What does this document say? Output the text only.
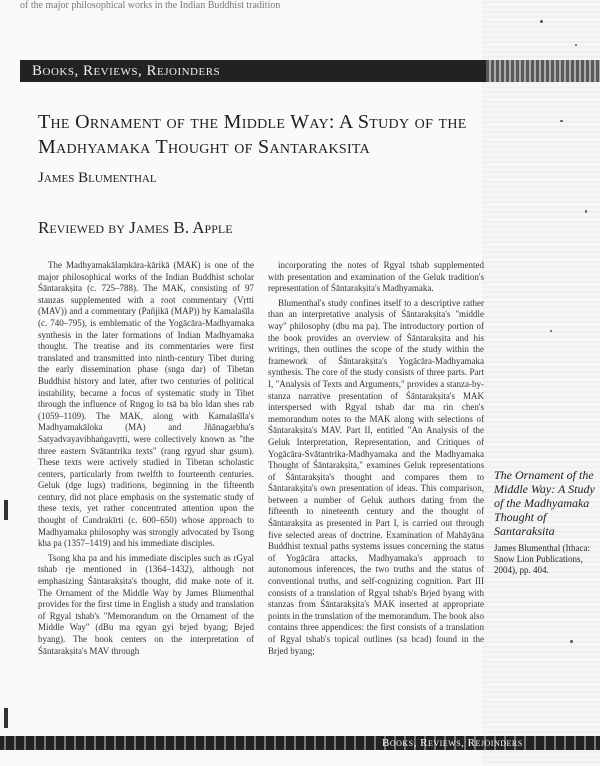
of the major philosophical works in the Indian Buddhist tradition
Books, Reviews, Rejoinders
The Ornament of the Middle Way: A Study of the Madhyamaka Thought of Santaraksita
James Blumenthal
Reviewed by James B. Apple

The Madhyamakālaṃkāra-kārikā (MAK) is one of the major philosophical works of the Indian Buddhist scholar Śāntarakṣita (c. 725–788). The MAK, consisting of 97 stanzas supplemented with a root commentary (Vṛtti (MAV)) and a commentary (Pañjikā (MAP)) by Kamalaśīla (c. 740–795), is emblematic of the Yogācāra-Madhyamaka synthesis in the later formations of Indian Madhyamaka thought. The treatise and its commentaries were first translated and transmitted into ninth-century Tibet during the early dissemination phase (snga dar) of Tibetan Buddhist history and later, after two centuries of political instability, became a focus of systematic study in Tibet through the influence of Rngog lo tsā ba blo ldan shes rab (1059–1109). The MAK, along with Kamalaśīla's Madhyamakāloka (MA) and Jñānagarbha's Satyadvayavibhaṅgavṛtti, were collectively known as "the three eastern Svātantrika texts" (rang rgyud shar gsum). These texts were actively studied in Tibetan scholastic centers, particularly from twelfth to fourteenth centuries. Geluk (dge lugs) traditions, beginning in the fifteenth century, did not place emphasis on the systematic study of these texts, yet rather concentrated attention upon the thought of Candrakīrti (c. 600–650) whose approach to Madhyamaka philosophy was strongly advocated by Tsong kha pa (1357–1419) and his immediate disciples.

Tsong kha pa and his immediate disciples such as rGyal tshab rje mentioned in (1364–1432), although not emphasizing Śāntarakṣita's thought, did make note of it. The Ornament of the Middle Way by James Blumenthal provides for the first time in English a study and translation of Rgyal tshab's "Memorandum on the Ornament of the Middle Way" (dBu ma rgyan gyi brjed byang; Brjed byang). The book centers on the interpretation of Śāntarakṣita's MAV through

incorporating the notes of Rgyal tshab supplemented with presentation and examination of the Geluk tradition's representation of Śāntarakṣita's Madhyamaka.

Blumenthal's study confines itself to a descriptive rather than an interpretative analysis of Śāntarakṣita's "middle way" philosophy (dbu ma pa). The introductory portion of the book provides an overview of Śāntarakṣita and his writings, then outlines the scope of the study within the framework of Śāntarakṣita's Yogācāra-Madhyamaka synthesis. The core of the study consists of three parts. Part I, "Analysis of Texts and Arguments," provides a stanza-by-stanza narrative presentation of Śāntarakṣita's MAK interspersed with Rgyal tshab dar ma rin chen's memorandum notes to the MAK along with selections of Śāntarakṣita's MAV. Part II, entitled "An Analysis of the Geluk Interpretation, Representation, and Critiques of Yogācāra-Svātantrika-Madhyamaka and the Madhyamaka Thought of Śāntarakṣita," examines Geluk representations of Śāntarakṣita's thought and compares them to Śāntarakṣita's own presentation of ideas. This comparison, between a number of Geluk authors dating from the fifteenth to nineteenth century and the thought of Śāntarakṣita as presented in Part I, is carried out through five selected areas of doctrine. Examination of Mahāyāna Buddhist textual paths systems issues concerning the status of Yogācāra attacks, Madhyamaka's approach to autonomous inferences, the two truths and the status of conventional truths, and self-cognizing cognition. Part III consists of a translation of Rgyal tshab's Brjed byang with stanzas from Śāntarakṣita's MAK inserted at appropriate points in the translation of the memorandum. The book also contains three appendices: the first consists of a translation of Rgyal tshab's topical outlines (sa bcad) found in the Brjed byang;

The Ornament of the Middle Way: A Study of the Madhyamaka Thought of Santaraksita
James Blumenthal (Ithaca: Snow Lion Publications, 2004), pp. 404.
Books, Reviews, Rejoinders
